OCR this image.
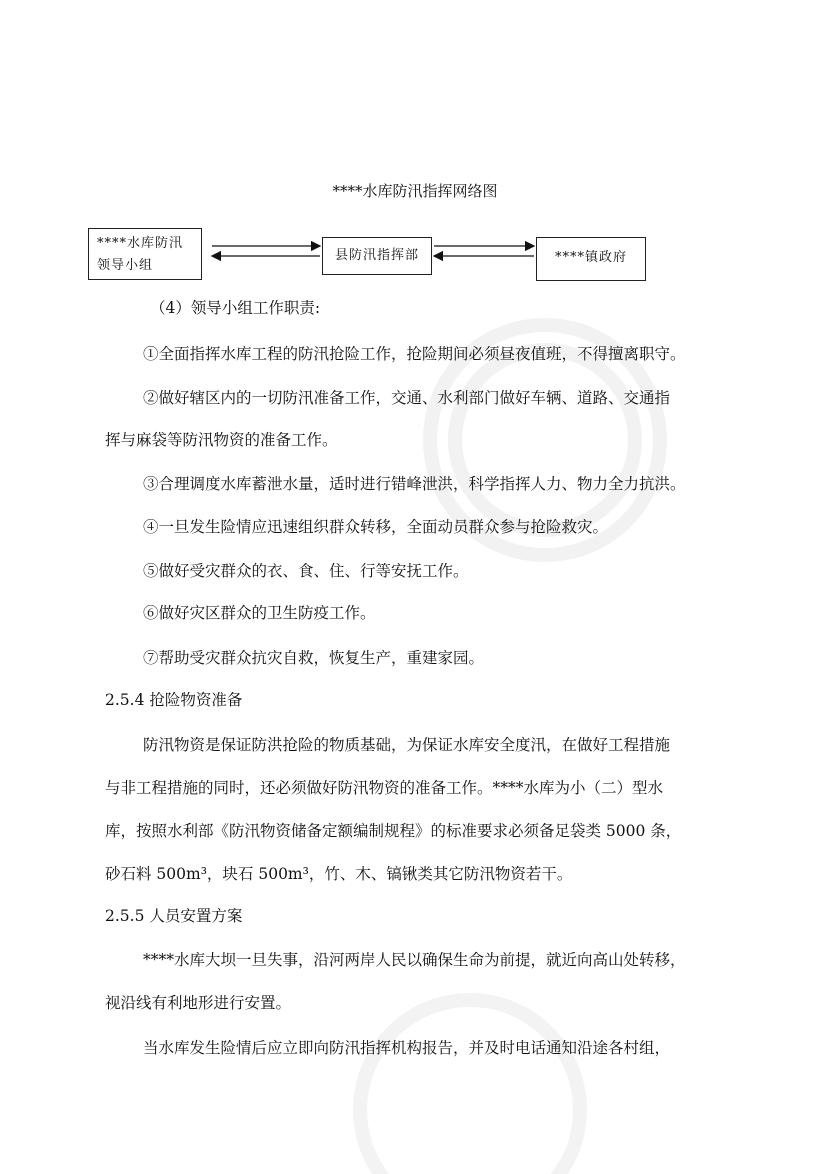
****水库防汛指挥网络图
****水库防汛
领导小组
县防汛指挥部	****镇政府
（4）领导小组工作职责:
①全面指挥水库工程的防汛抢险工作，抢险期间必须昼夜值班，不得擅离职守。
②做好辖区内的一切防汛准备工作，交通、水利部门做好车辆、道路、交通指
挥与麻袋等防汛物资的准备工作。
③合理调度水库蓄泄水量，适时进行错峰泄洪，科学指挥人力、物力全力抗洪。
④一旦发生险情应迅速组织群众转移，全面动员群众参与抢险救灾。
⑤做好受灾群众的衣、食、住、行等安抚工作。
⑥做好灾区群众的卫生防疫工作。
⑦帮助受灾群众抗灾自救，恢复生产，重建家园。
2.5.4 抢险物资准备
防汛物资是保证防洪抢险的物质基础，为保证水库安全度汛，在做好工程措施
与非工程措施的同时，还必须做好防汛物资的准备工作。****水库为小（二）型水
库，按照水利部《防汛物资储备定额编制规程》的标准要求必须备足袋类 5000 条，
砂石料 500m³，块石 500m³，竹、木、镐锹类其它防汛物资若干。
2.5.5 人员安置方案
****水库大坝一旦失事，沿河两岸人民以确保生命为前提，就近向高山处转移，
视沿线有利地形进行安置。
当水库发生险情后应立即向防汛指挥机构报告，并及时电话通知沿途各村组，
